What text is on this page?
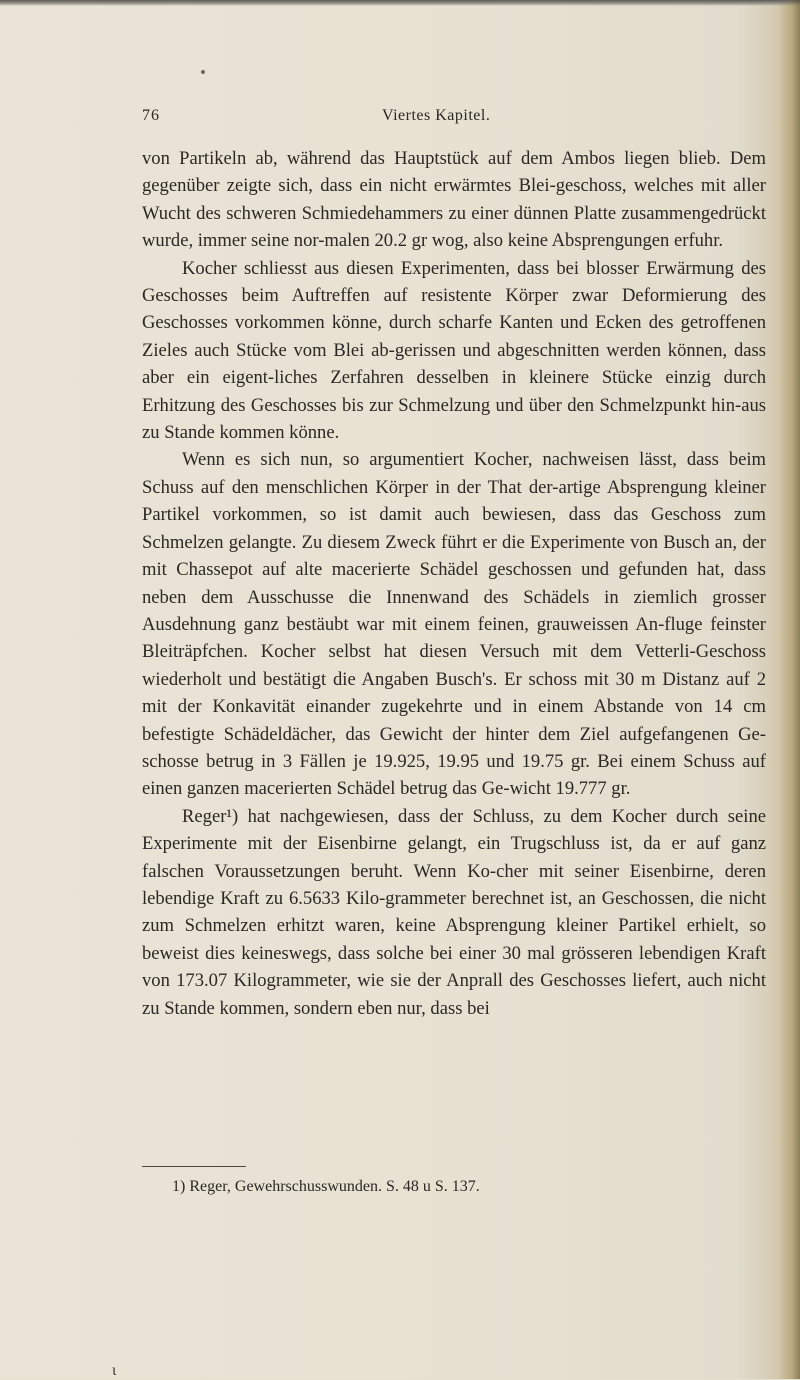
76	Viertes Kapitel.

von Partikeln ab, während das Hauptstück auf dem Ambos liegen blieb. Dem gegenüber zeigte sich, dass ein nicht erwärmtes Blei-geschoss, welches mit aller Wucht des schweren Schmiedehammers zu einer dünnen Platte zusammengedrückt wurde, immer seine nor-malen 20.2 gr wog, also keine Absprengungen erfuhr.

Kocher schliesst aus diesen Experimenten, dass bei blosser Erwärmung des Geschosses beim Auftreffen auf resistente Körper zwar Deformierung des Geschosses vorkommen könne, durch scharfe Kanten und Ecken des getroffenen Zieles auch Stücke vom Blei ab-gerissen und abgeschnitten werden können, dass aber ein eigent-liches Zerfahren desselben in kleinere Stücke einzig durch Erhitzung des Geschosses bis zur Schmelzung und über den Schmelzpunkt hin-aus zu Stande kommen könne.

Wenn es sich nun, so argumentiert Kocher, nachweisen lässt, dass beim Schuss auf den menschlichen Körper in der That der-artige Absprengung kleiner Partikel vorkommen, so ist damit auch bewiesen, dass das Geschoss zum Schmelzen gelangte. Zu diesem Zweck führt er die Experimente von Busch an, der mit Chassepot auf alte macerierte Schädel geschossen und gefunden hat, dass neben dem Ausschusse die Innenwand des Schädels in ziemlich grosser Ausdehnung ganz bestäubt war mit einem feinen, grauweissen An-fluge feinster Bleiträpfchen. Kocher selbst hat diesen Versuch mit dem Vetterli-Geschoss wiederholt und bestätigt die Angaben Busch's. Er schoss mit 30 m Distanz auf 2 mit der Konkavität einander zugekehrte und in einem Abstande von 14 cm befestigte Schädeldächer, das Gewicht der hinter dem Ziel aufgefangenen Ge-schosse betrug in 3 Fällen je 19.925, 19.95 und 19.75 gr. Bei einem Schuss auf einen ganzen macerierten Schädel betrug das Ge-wicht 19.777 gr.

Reger¹) hat nachgewiesen, dass der Schluss, zu dem Kocher durch seine Experimente mit der Eisenbirne gelangt, ein Trugschluss ist, da er auf ganz falschen Voraussetzungen beruht. Wenn Ko-cher mit seiner Eisenbirne, deren lebendige Kraft zu 6.5633 Kilo-grammeter berechnet ist, an Geschossen, die nicht zum Schmelzen erhitzt waren, keine Absprengung kleiner Partikel erhielt, so beweist dies keineswegs, dass solche bei einer 30 mal grösseren lebendigen Kraft von 173.07 Kilogrammeter, wie sie der Anprall des Geschosses liefert, auch nicht zu Stande kommen, sondern eben nur, dass bei

1) Reger, Gewehrschusswunden. S. 48 u S. 137.
ι
